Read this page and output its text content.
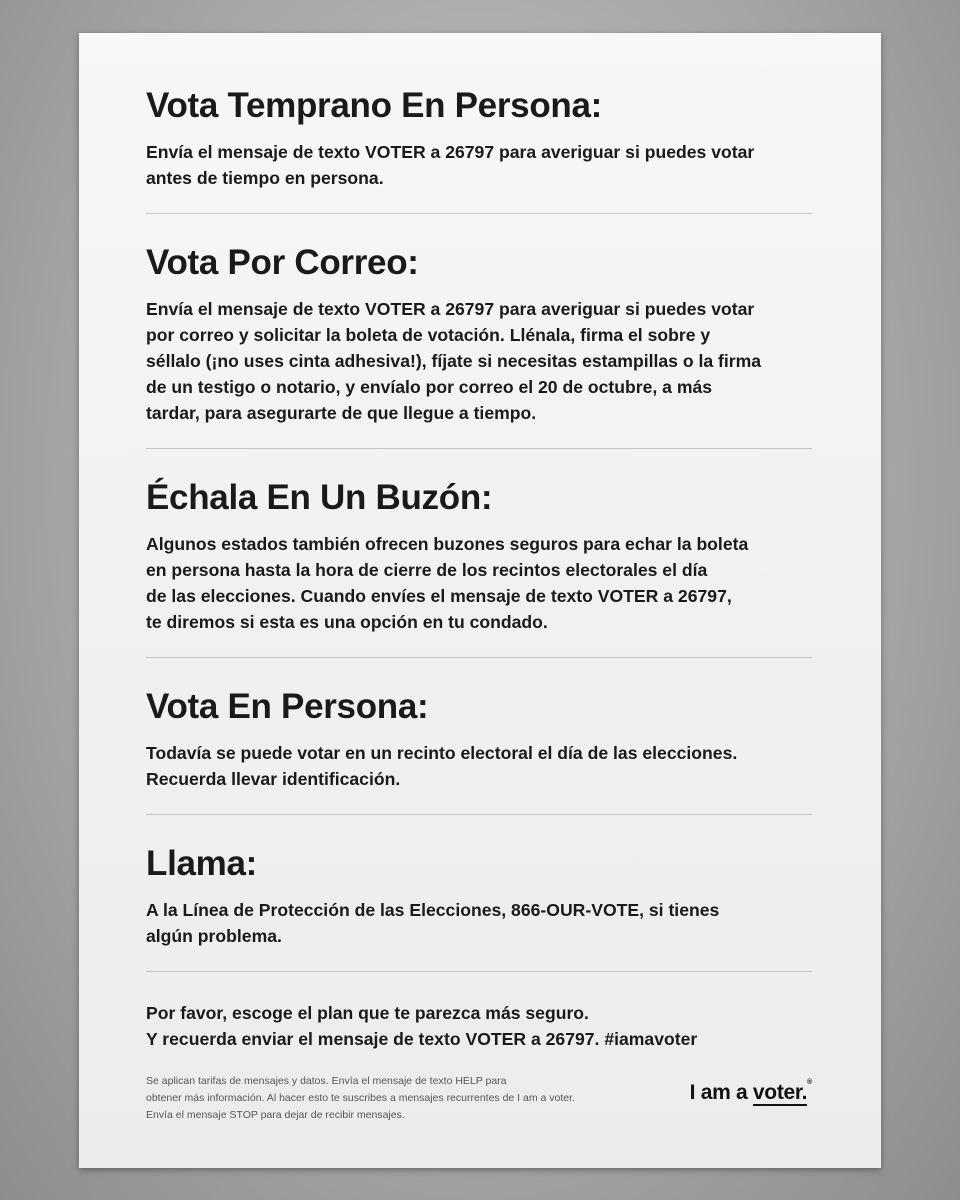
Vota Temprano En Persona:

Envía el mensaje de texto VOTER a 26797 para averiguar si puedes votar
antes de tiempo en persona.

Vota Por Correo:

Envía el mensaje de texto VOTER a 26797 para averiguar si puedes votar
por correo y solicitar la boleta de votación. Llénala, firma el sobre y
séllalo (¡no uses cinta adhesiva!), fíjate si necesitas estampillas o la firma
de un testigo o notario, y envíalo por correo el 20 de octubre, a más
tardar, para asegurarte de que llegue a tiempo.

Échala En Un Buzón:

Algunos estados también ofrecen buzones seguros para echar la boleta
en persona hasta la hora de cierre de los recintos electorales el día
de las elecciones. Cuando envíes el mensaje de texto VOTER a 26797,
te diremos si esta es una opción en tu condado.

Vota En Persona:

Todavía se puede votar en un recinto electoral el día de las elecciones.
Recuerda llevar identificación.

Llama:

A la Línea de Protección de las Elecciones, 866-OUR-VOTE, si tienes
algún problema.

Por favor, escoge el plan que te parezca más seguro.
Y recuerda enviar el mensaje de texto VOTER a 26797. #iamavoter

Se aplican tarifas de mensajes y datos. Envía el mensaje de texto HELP para
obtener más información. Al hacer esto te suscribes a mensajes recurrentes de I am a voter.
Envía el mensaje STOP para dejar de recibir mensajes.
I am a voter.®
